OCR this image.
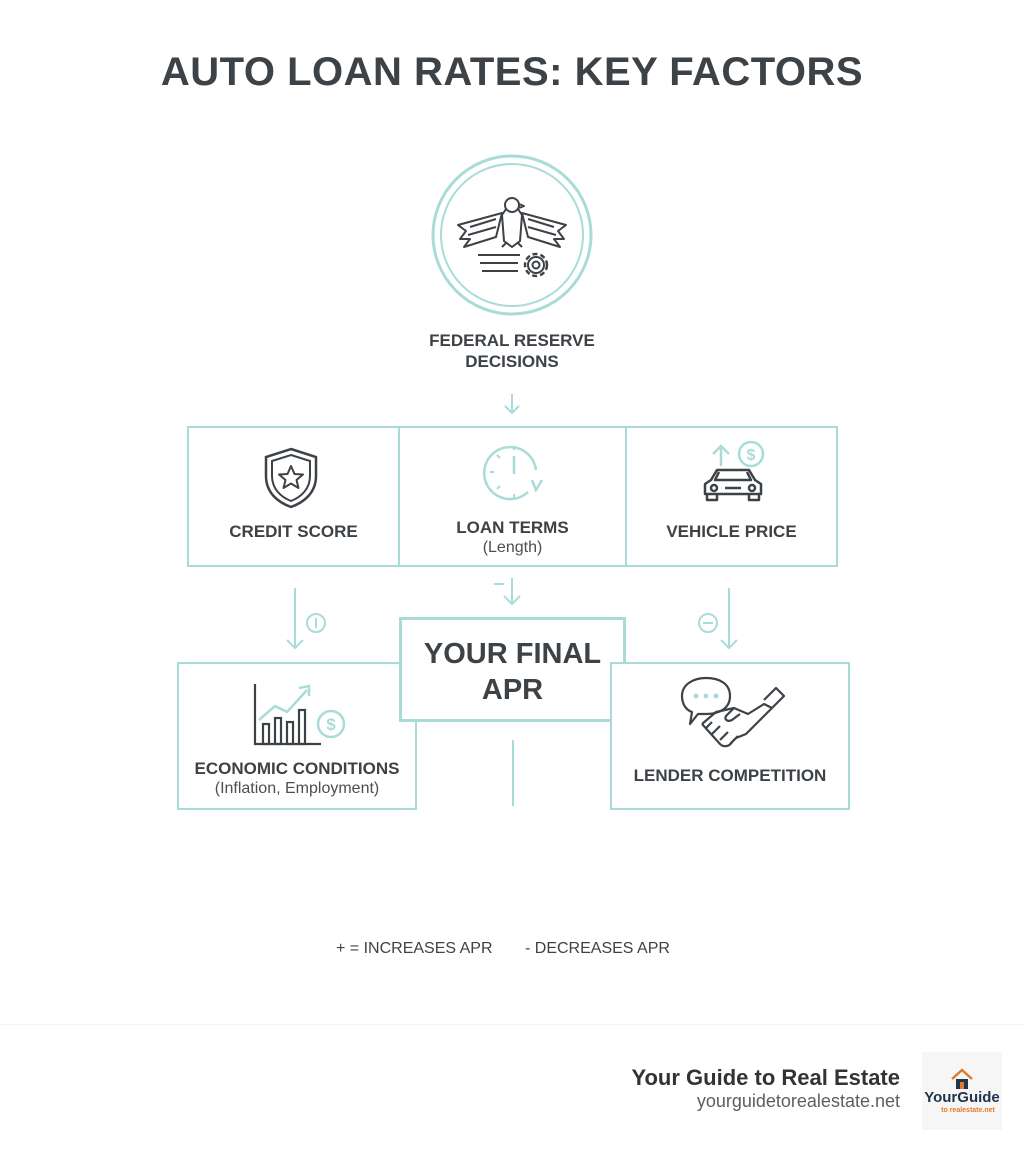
AUTO LOAN RATES: KEY FACTORS
FEDERAL RESERVE
DECISIONS
CREDIT SCORE	LOAN TERMS
(Length)
$
VEHICLE PRICE
$
ECONOMIC CONDITIONS
(Inflation, Employment)
YOUR FINAL
APR
LENDER COMPETITION
+ = INCREASES APR - DECREASES APR
Your Guide to Real Estate
yourguidetorealestate.net YourGuide
to realestate.net
